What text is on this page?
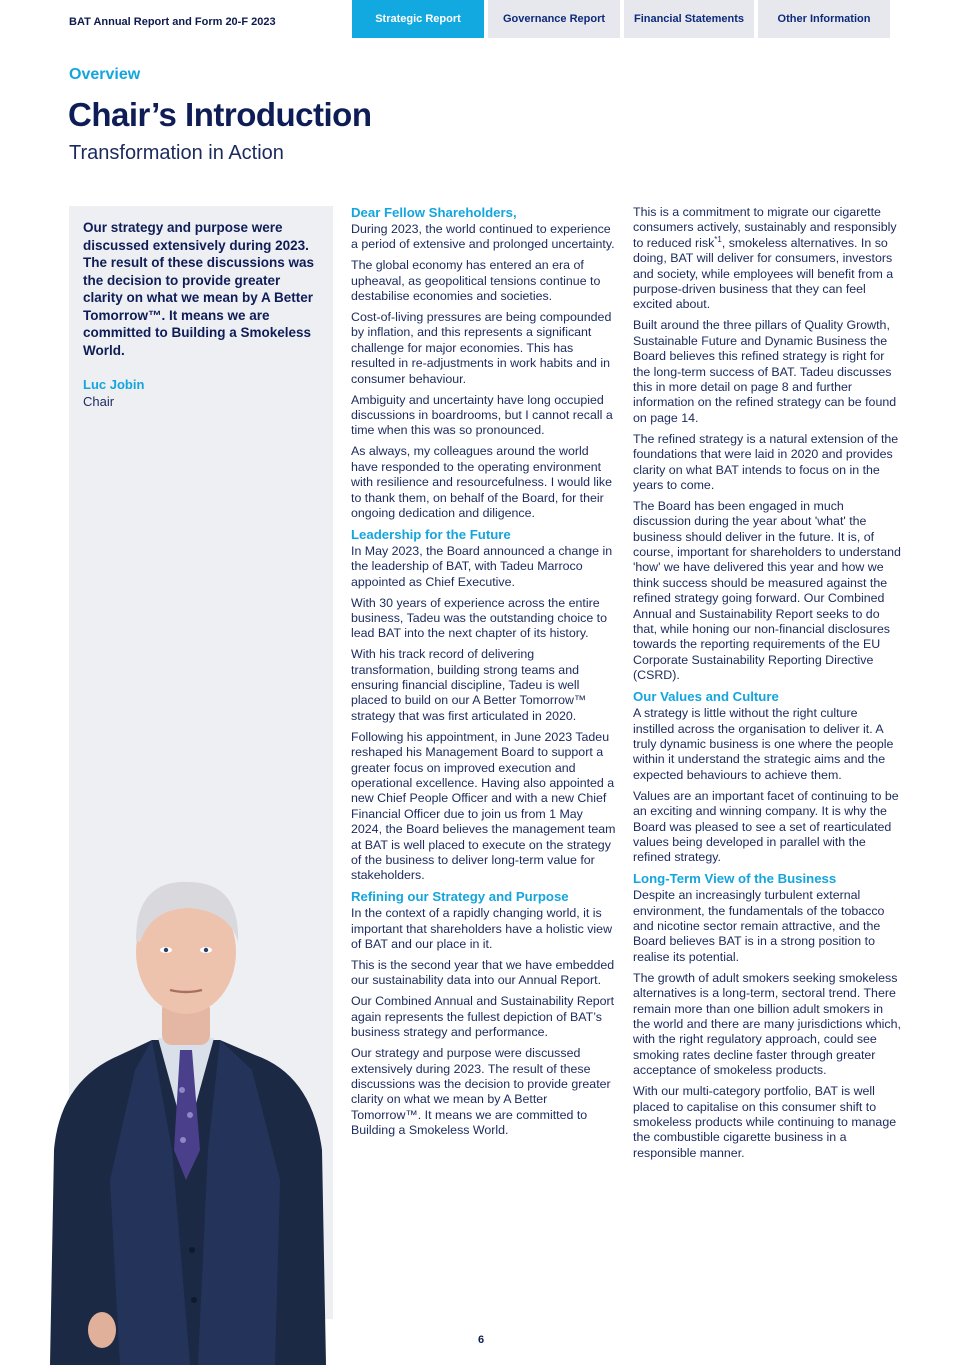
BAT Annual Report and Form 20-F 2023	Strategic Report	Governance Report	Financial Statements	Other Information
Overview
Chair’s Introduction
Transformation in Action
Our strategy and purpose were discussed extensively during 2023. The result of these discussions was the decision to provide greater clarity on what we mean by A Better Tomorrow™. It means we are committed to Building a Smokeless World.
Luc Jobin
Chair
Dear Fellow Shareholders,

During 2023, the world continued to experience a period of extensive and prolonged uncertainty.

The global economy has entered an era of upheaval, as geopolitical tensions continue to destabilise economies and societies.

Cost-of-living pressures are being compounded by inflation, and this represents a significant challenge for major economies. This has resulted in re-adjustments in work habits and in consumer behaviour.

Ambiguity and uncertainty have long occupied discussions in boardrooms, but I cannot recall a time when this was so pronounced.

As always, my colleagues around the world have responded to the operating environment with resilience and resourcefulness. I would like to thank them, on behalf of the Board, for their ongoing dedication and diligence.

Leadership for the Future

In May 2023, the Board announced a change in the leadership of BAT, with Tadeu Marroco appointed as Chief Executive.

With 30 years of experience across the entire business, Tadeu was the outstanding choice to lead BAT into the next chapter of its history.

With his track record of delivering transformation, building strong teams and ensuring financial discipline, Tadeu is well placed to build on our A Better Tomorrow™ strategy that was first articulated in 2020.

Following his appointment, in June 2023 Tadeu reshaped his Management Board to support a greater focus on improved execution and operational excellence. Having also appointed a new Chief People Officer and with a new Chief Financial Officer due to join us from 1 May 2024, the Board believes the management team at BAT is well placed to execute on the strategy of the business to deliver long-term value for stakeholders.

Refining our Strategy and Purpose

In the context of a rapidly changing world, it is important that shareholders have a holistic view of BAT and our place in it.

This is the second year that we have embedded our sustainability data into our Annual Report.

Our Combined Annual and Sustainability Report again represents the fullest depiction of BAT’s business strategy and performance.

Our strategy and purpose were discussed extensively during 2023. The result of these discussions was the decision to provide greater clarity on what we mean by A Better Tomorrow™. It means we are committed to Building a Smokeless World.

This is a commitment to migrate our cigarette consumers actively, sustainably and responsibly to reduced risk$^{*1}$, smokeless alternatives. In so doing, BAT will deliver for consumers, investors and society, while employees will benefit from a purpose-driven business that they can feel excited about.

Built around the three pillars of Quality Growth, Sustainable Future and Dynamic Business the Board believes this refined strategy is right for the long-term success of BAT. Tadeu discusses this in more detail on page 8 and further information on the refined strategy can be found on page 14.

The refined strategy is a natural extension of the foundations that were laid in 2020 and provides clarity on what BAT intends to focus on in the years to come.

The Board has been engaged in much discussion during the year about 'what' the business should deliver in the future. It is, of course, important for shareholders to understand 'how' we have delivered this year and how we think success should be measured against the refined strategy going forward. Our Combined Annual and Sustainability Report seeks to do that, while honing our non-financial disclosures towards the reporting requirements of the EU Corporate Sustainability Reporting Directive (CSRD).

Our Values and Culture

A strategy is little without the right culture instilled across the organisation to deliver it. A truly dynamic business is one where the people within it understand the strategic aims and the expected behaviours to achieve them.

Values are an important facet of continuing to be an exciting and winning company. It is why the Board was pleased to see a set of rearticulated values being developed in parallel with the refined strategy.

Long-Term View of the Business

Despite an increasingly turbulent external environment, the fundamentals of the tobacco and nicotine sector remain attractive, and the Board believes BAT is in a strong position to realise its potential.

The growth of adult smokers seeking smokeless alternatives is a long-term, sectoral trend. There remain more than one billion adult smokers in the world and there are many jurisdictions which, with the right regulatory approach, could see smoking rates decline faster through greater acceptance of smokeless products.

With our multi-category portfolio, BAT is well placed to capitalise on this consumer shift to smokeless products while continuing to manage the combustible cigarette business in a responsible manner.

6
